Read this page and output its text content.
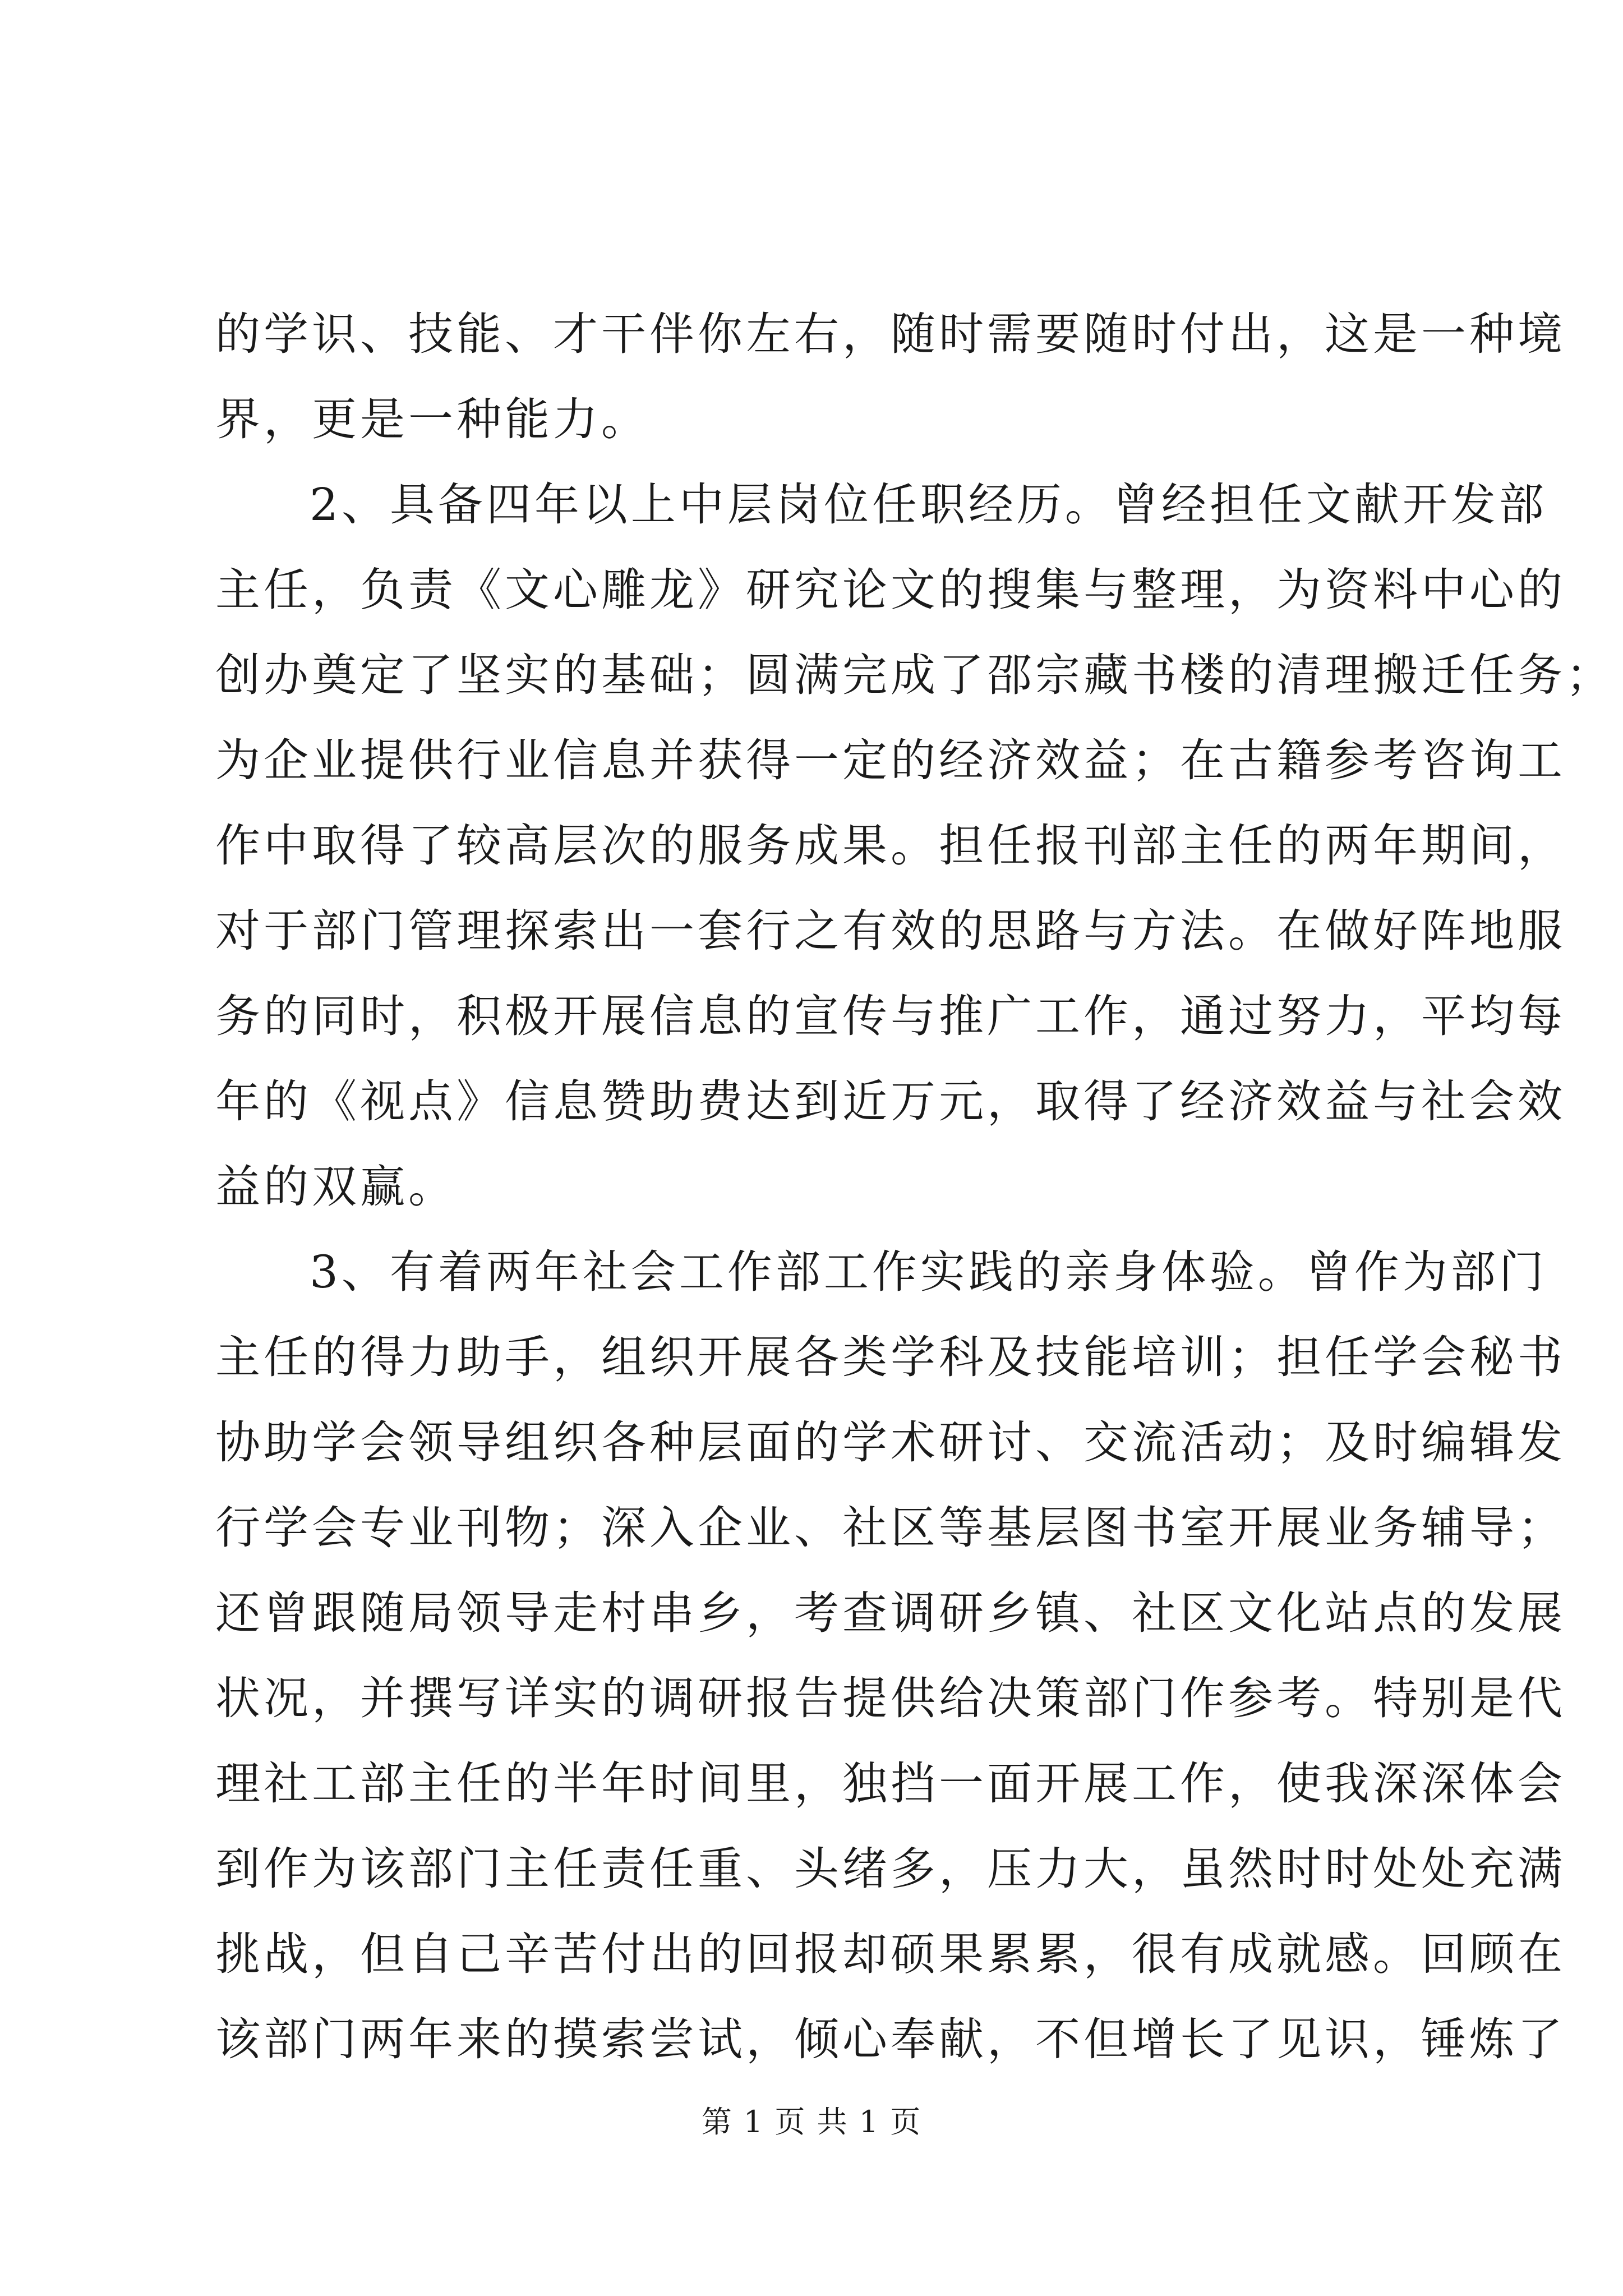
的学识、技能、才干伴你左右，随时需要随时付出，这是一种境
界，更是一种能力。
2、具备四年以上中层岗位任职经历。曾经担任文献开发部
主任，负责《文心雕龙》研究论文的搜集与整理，为资料中心的
创办奠定了坚实的基础；圆满完成了邵宗藏书楼的清理搬迁任务；
为企业提供行业信息并获得一定的经济效益；在古籍参考咨询工
作中取得了较高层次的服务成果。担任报刊部主任的两年期间，
对于部门管理探索出一套行之有效的思路与方法。在做好阵地服
务的同时，积极开展信息的宣传与推广工作，通过努力，平均每
年的《视点》信息赞助费达到近万元，取得了经济效益与社会效
益的双赢。
3、有着两年社会工作部工作实践的亲身体验。曾作为部门
主任的得力助手，组织开展各类学科及技能培训；担任学会秘书
协助学会领导组织各种层面的学术研讨、交流活动；及时编辑发
行学会专业刊物；深入企业、社区等基层图书室开展业务辅导；
还曾跟随局领导走村串乡，考查调研乡镇、社区文化站点的发展
状况，并撰写详实的调研报告提供给决策部门作参考。特别是代
理社工部主任的半年时间里，独挡一面开展工作，使我深深体会
到作为该部门主任责任重、头绪多，压力大，虽然时时处处充满
挑战，但自己辛苦付出的回报却硕果累累，很有成就感。回顾在
该部门两年来的摸索尝试，倾心奉献，不但增长了见识，锤炼了
第 1 页 共 1 页
